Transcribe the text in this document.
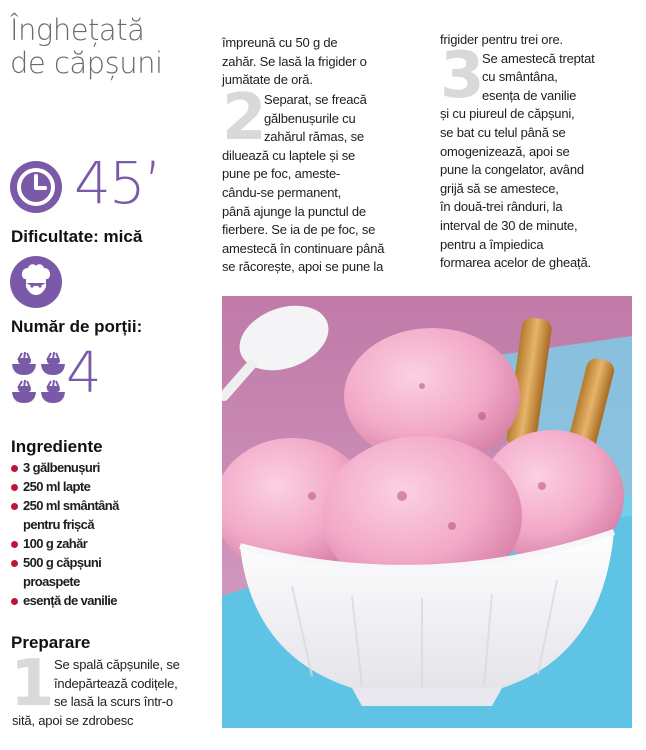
Înghețată
de căpșuni
45’
Dificultate: mică
Număr de porții:
4
Ingrediente
3 gălbenușuri
250 ml lapte
250 ml smântână
pentru frișcă
100 g zahăr
500 g căpșuni
proaspete
esență de vanilie
Preparare
1 Se spală căpșunile, se
îndepărtează codițele,
se lasă la scurs într-o
sită, apoi se zdrobesc
împreună cu 50 g de
zahăr. Se lasă la frigider o
jumătate de oră.
2
Separat, se freacă
gălbenușurile cu
zahărul rămas, se
diluează cu laptele și se
pune pe foc, ameste-
cându-se permanent,
până ajunge la punctul de
fierbere. Se ia de pe foc, se
amestecă în continuare până
se răcorește, apoi se pune la
3
frigider pentru trei ore.
Se amestecă treptat
cu smântâna,
esența de vanilie
și cu piureul de căpșuni,
se bat cu telul până se
omogenizează, apoi se
pune la congelator, având
grijă să se amestece,
în două-trei rânduri, la
interval de 30 de minute,
pentru a împiedica
formarea acelor de gheață.
